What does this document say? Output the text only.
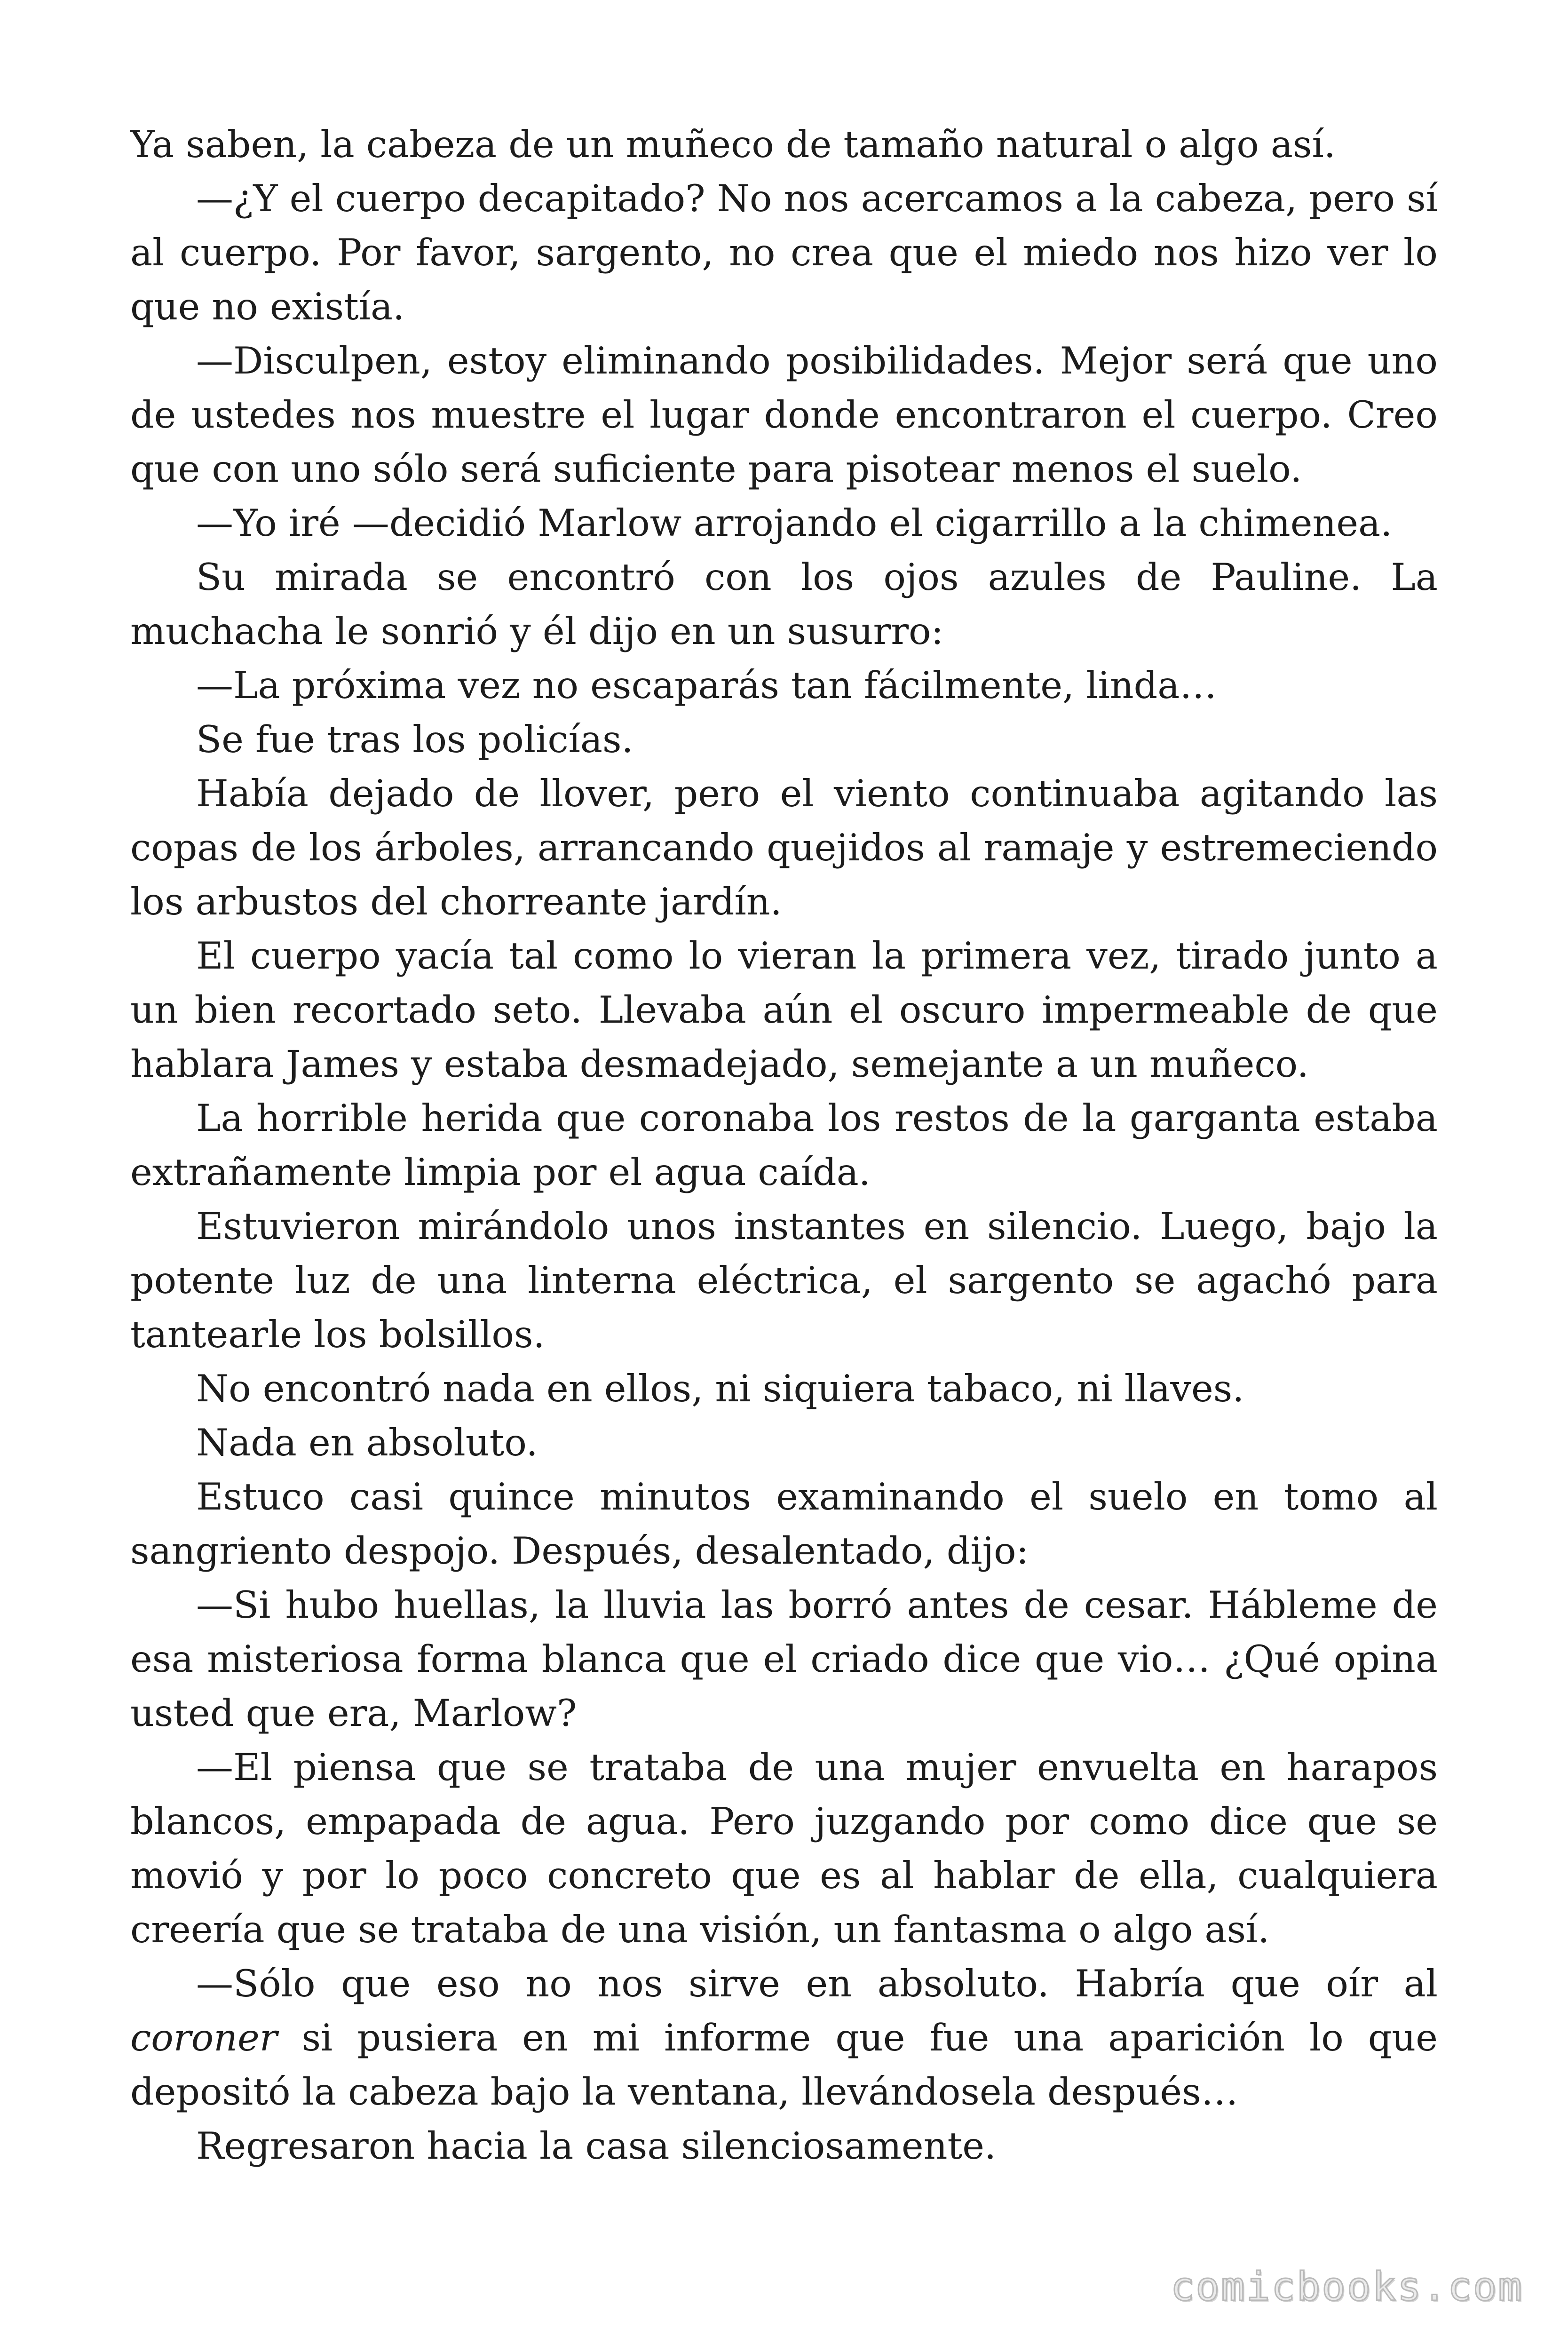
Ya saben, la cabeza de un muñeco de tamaño natural o algo así.

—¿Y el cuerpo decapitado? No nos acercamos a la cabeza, pero sí al cuerpo. Por favor, sargento, no crea que el miedo nos hizo ver lo que no existía.

—Disculpen, estoy eliminando posibilidades. Mejor será que uno de ustedes nos muestre el lugar donde encontraron el cuerpo. Creo que con uno sólo será suficiente para pisotear menos el suelo.

—Yo iré —decidió Marlow arrojando el cigarrillo a la chimenea.

Su mirada se encontró con los ojos azules de Pauline. La muchacha le sonrió y él dijo en un susurro:

—La próxima vez no escaparás tan fácilmente, linda…

Se fue tras los policías.

Había dejado de llover, pero el viento continuaba agitando las copas de los árboles, arrancando quejidos al ramaje y estremeciendo los arbustos del chorreante jardín.

El cuerpo yacía tal como lo vieran la primera vez, tirado junto a un bien recortado seto. Llevaba aún el oscuro impermeable de que hablara James y estaba desmadejado, semejante a un muñeco.

La horrible herida que coronaba los restos de la garganta estaba extrañamente limpia por el agua caída.

Estuvieron mirándolo unos instantes en silencio. Luego, bajo la potente luz de una linterna eléctrica, el sargento se agachó para tantearle los bolsillos.

No encontró nada en ellos, ni siquiera tabaco, ni llaves.

Nada en absoluto.

Estuco casi quince minutos examinando el suelo en tomo al sangriento despojo. Después, desalentado, dijo:

—Si hubo huellas, la lluvia las borró antes de cesar. Hábleme de esa misteriosa forma blanca que el criado dice que vio… ¿Qué opina usted que era, Marlow?

—El piensa que se trataba de una mujer envuelta en harapos blancos, empapada de agua. Pero juzgando por como dice que se movió y por lo poco concreto que es al hablar de ella, cualquiera creería que se trataba de una visión, un fantasma o algo así.

—Sólo que eso no nos sirve en absoluto. Habría que oír al coroner si pusiera en mi informe que fue una aparición lo que depositó la cabeza bajo la ventana, llevándosela después…

Regresaron hacia la casa silenciosamente.

comicbooks.com
